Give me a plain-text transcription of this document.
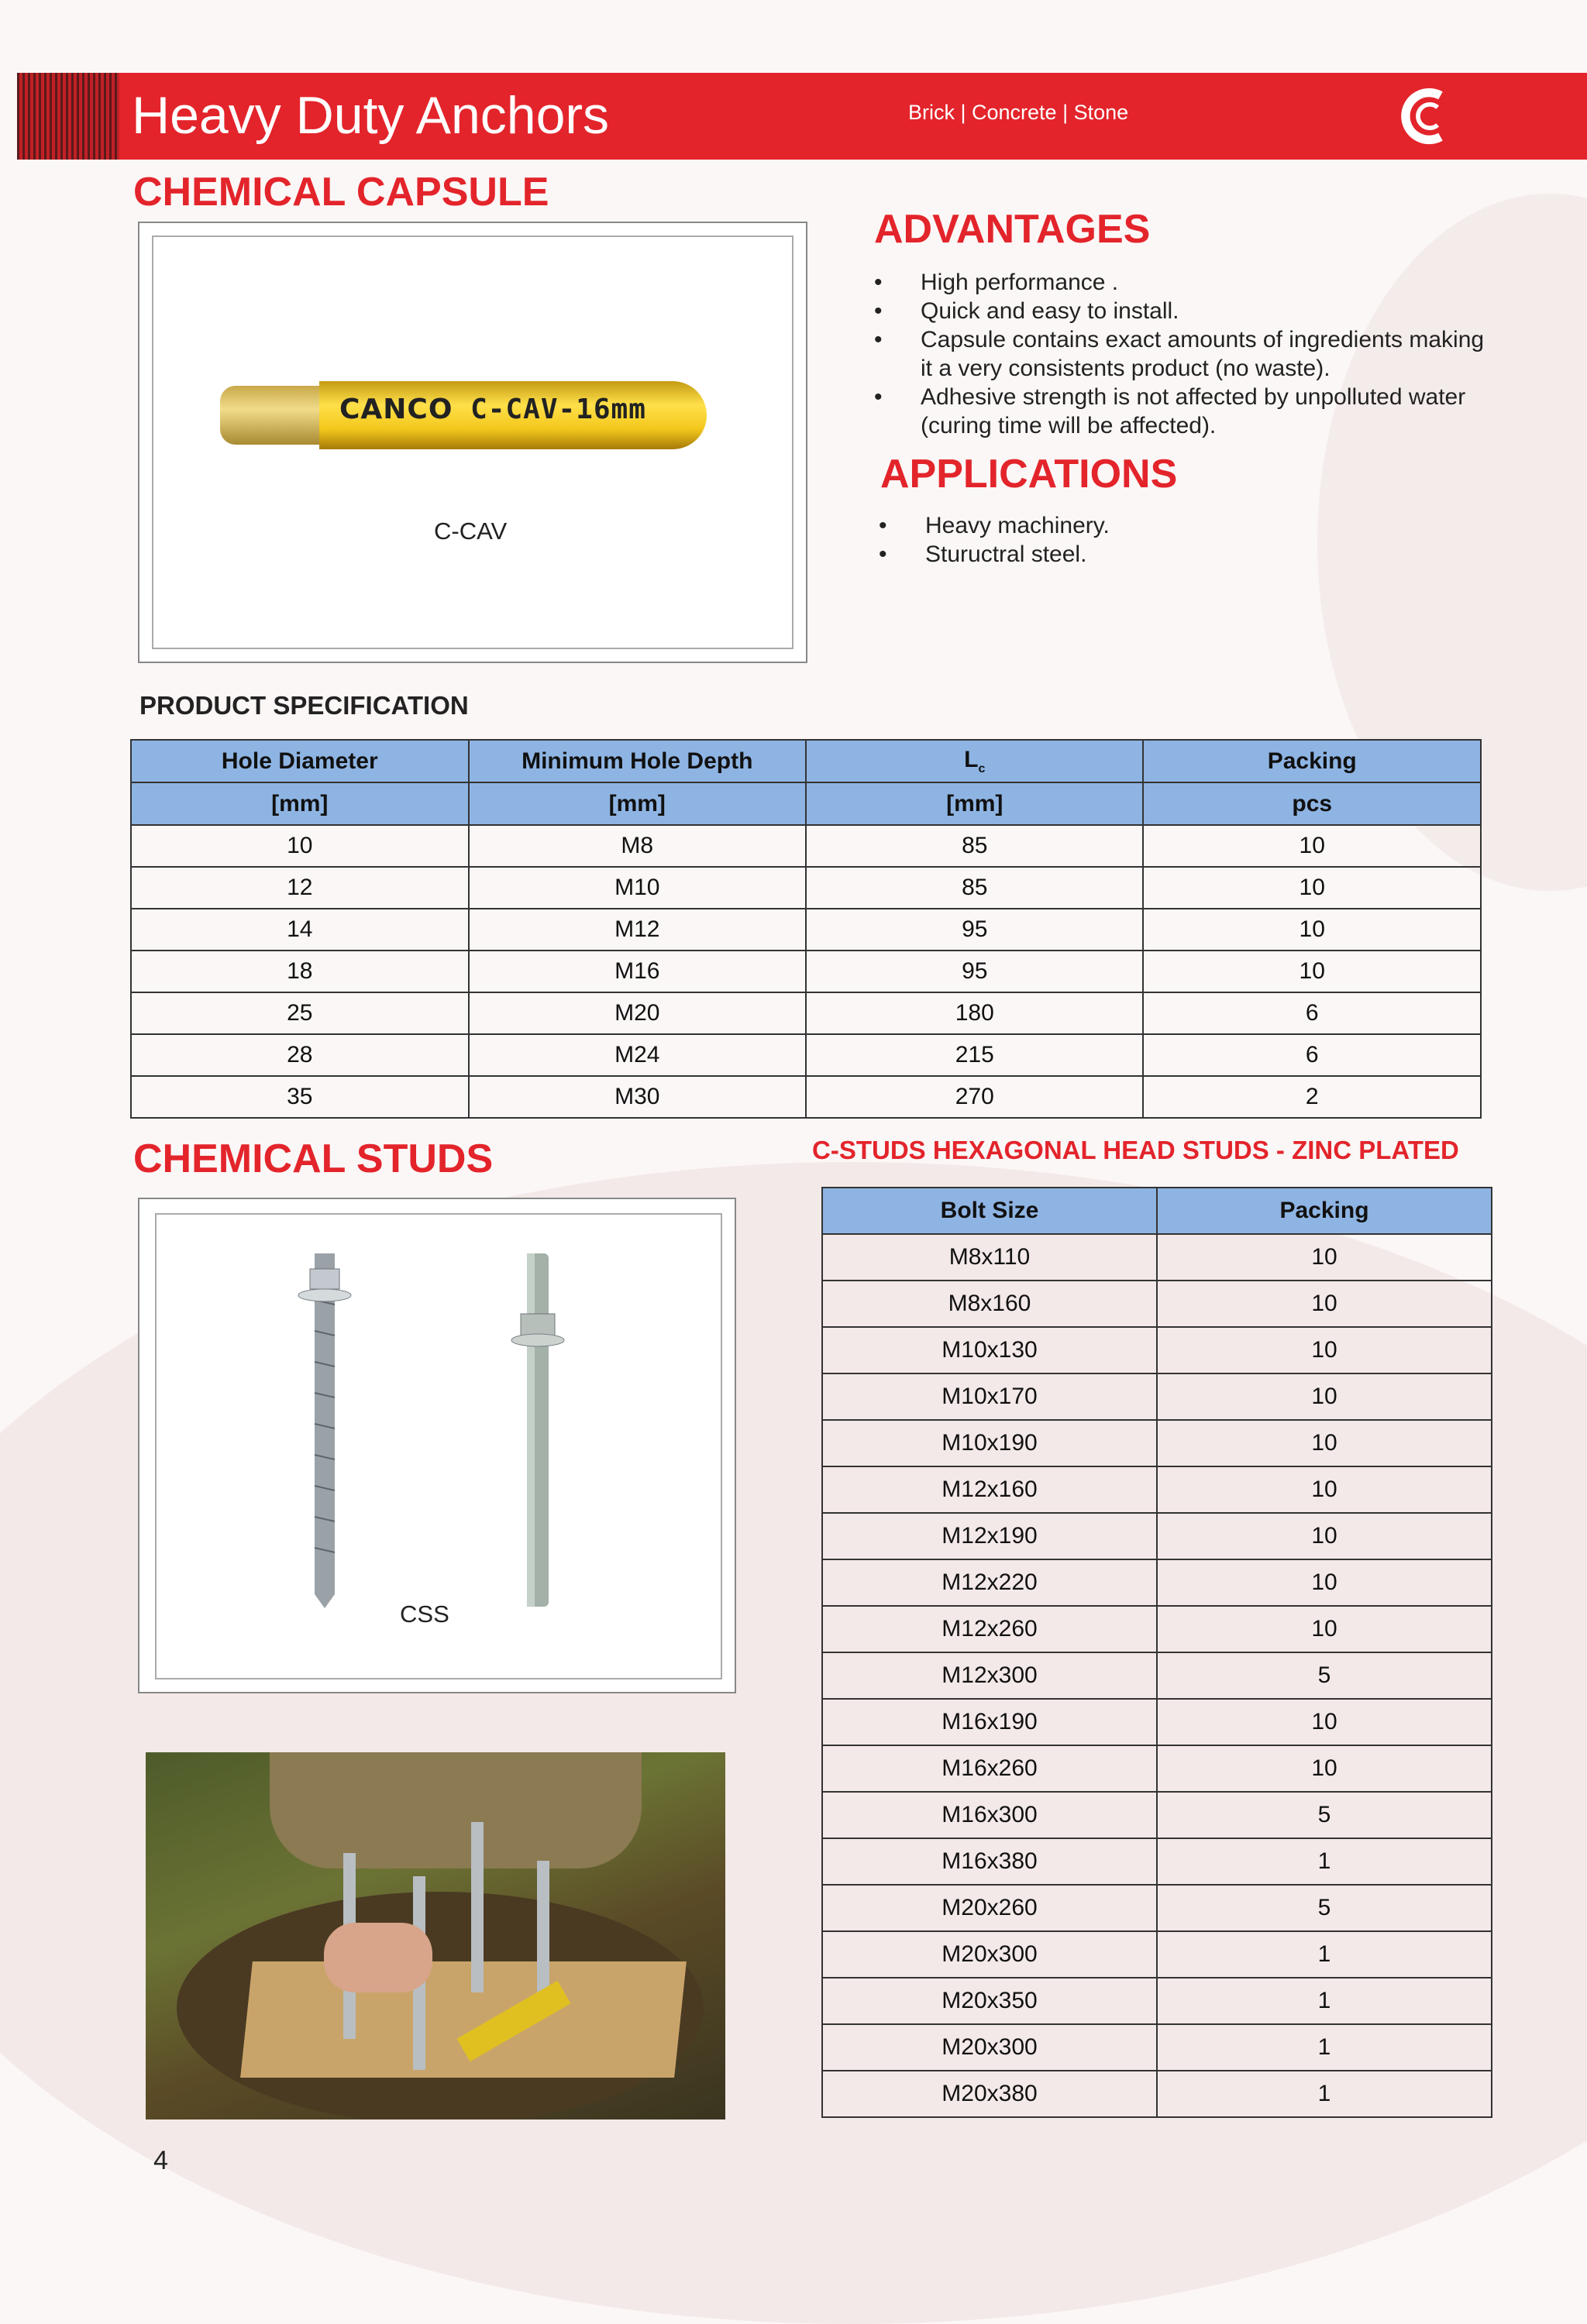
Heavy Duty Anchors	Brick | Concrete | Stone
CHEMICAL CAPSULE
CANCO C-CAV-16mm
C-CAV
ADVANTAGES
• High performance .
• Quick and easy to install.
• Capsule contains exact amounts of ingredients making
it a very consistents product (no waste).
• Adhesive strength is not affected by unpolluted water
(curing time will be affected).
APPLICATIONS
• Heavy machinery.
• Stuructral steel.
PRODUCT SPECIFICATION
Hole Diameter	Minimum Hole Depth	$L_c$	Packing
[mm]	[mm]	[mm]	pcs
10	M8	85	10
12	M10	85	10
14	M12	95	10
18	M16	95	10
25	M20	180	6
28	M24	215	6
35	M30	270	2
CHEMICAL STUDS	C-STUDS HEXAGONAL HEAD STUDS - ZINC PLATED
CSS
Bolt Size	Packing
M8x110	10
M8x160	10
M10x130	10
M10x170	10
M10x190	10
M12x160	10
M12x190	10
M12x220	10
M12x260	10
M12x300	5
M16x190	10
M16x260	10
M16x300	5
M16x380	1
M20x260	5
M20x300	1
M20x350	1
M20x300	1
M20x380	1
4
